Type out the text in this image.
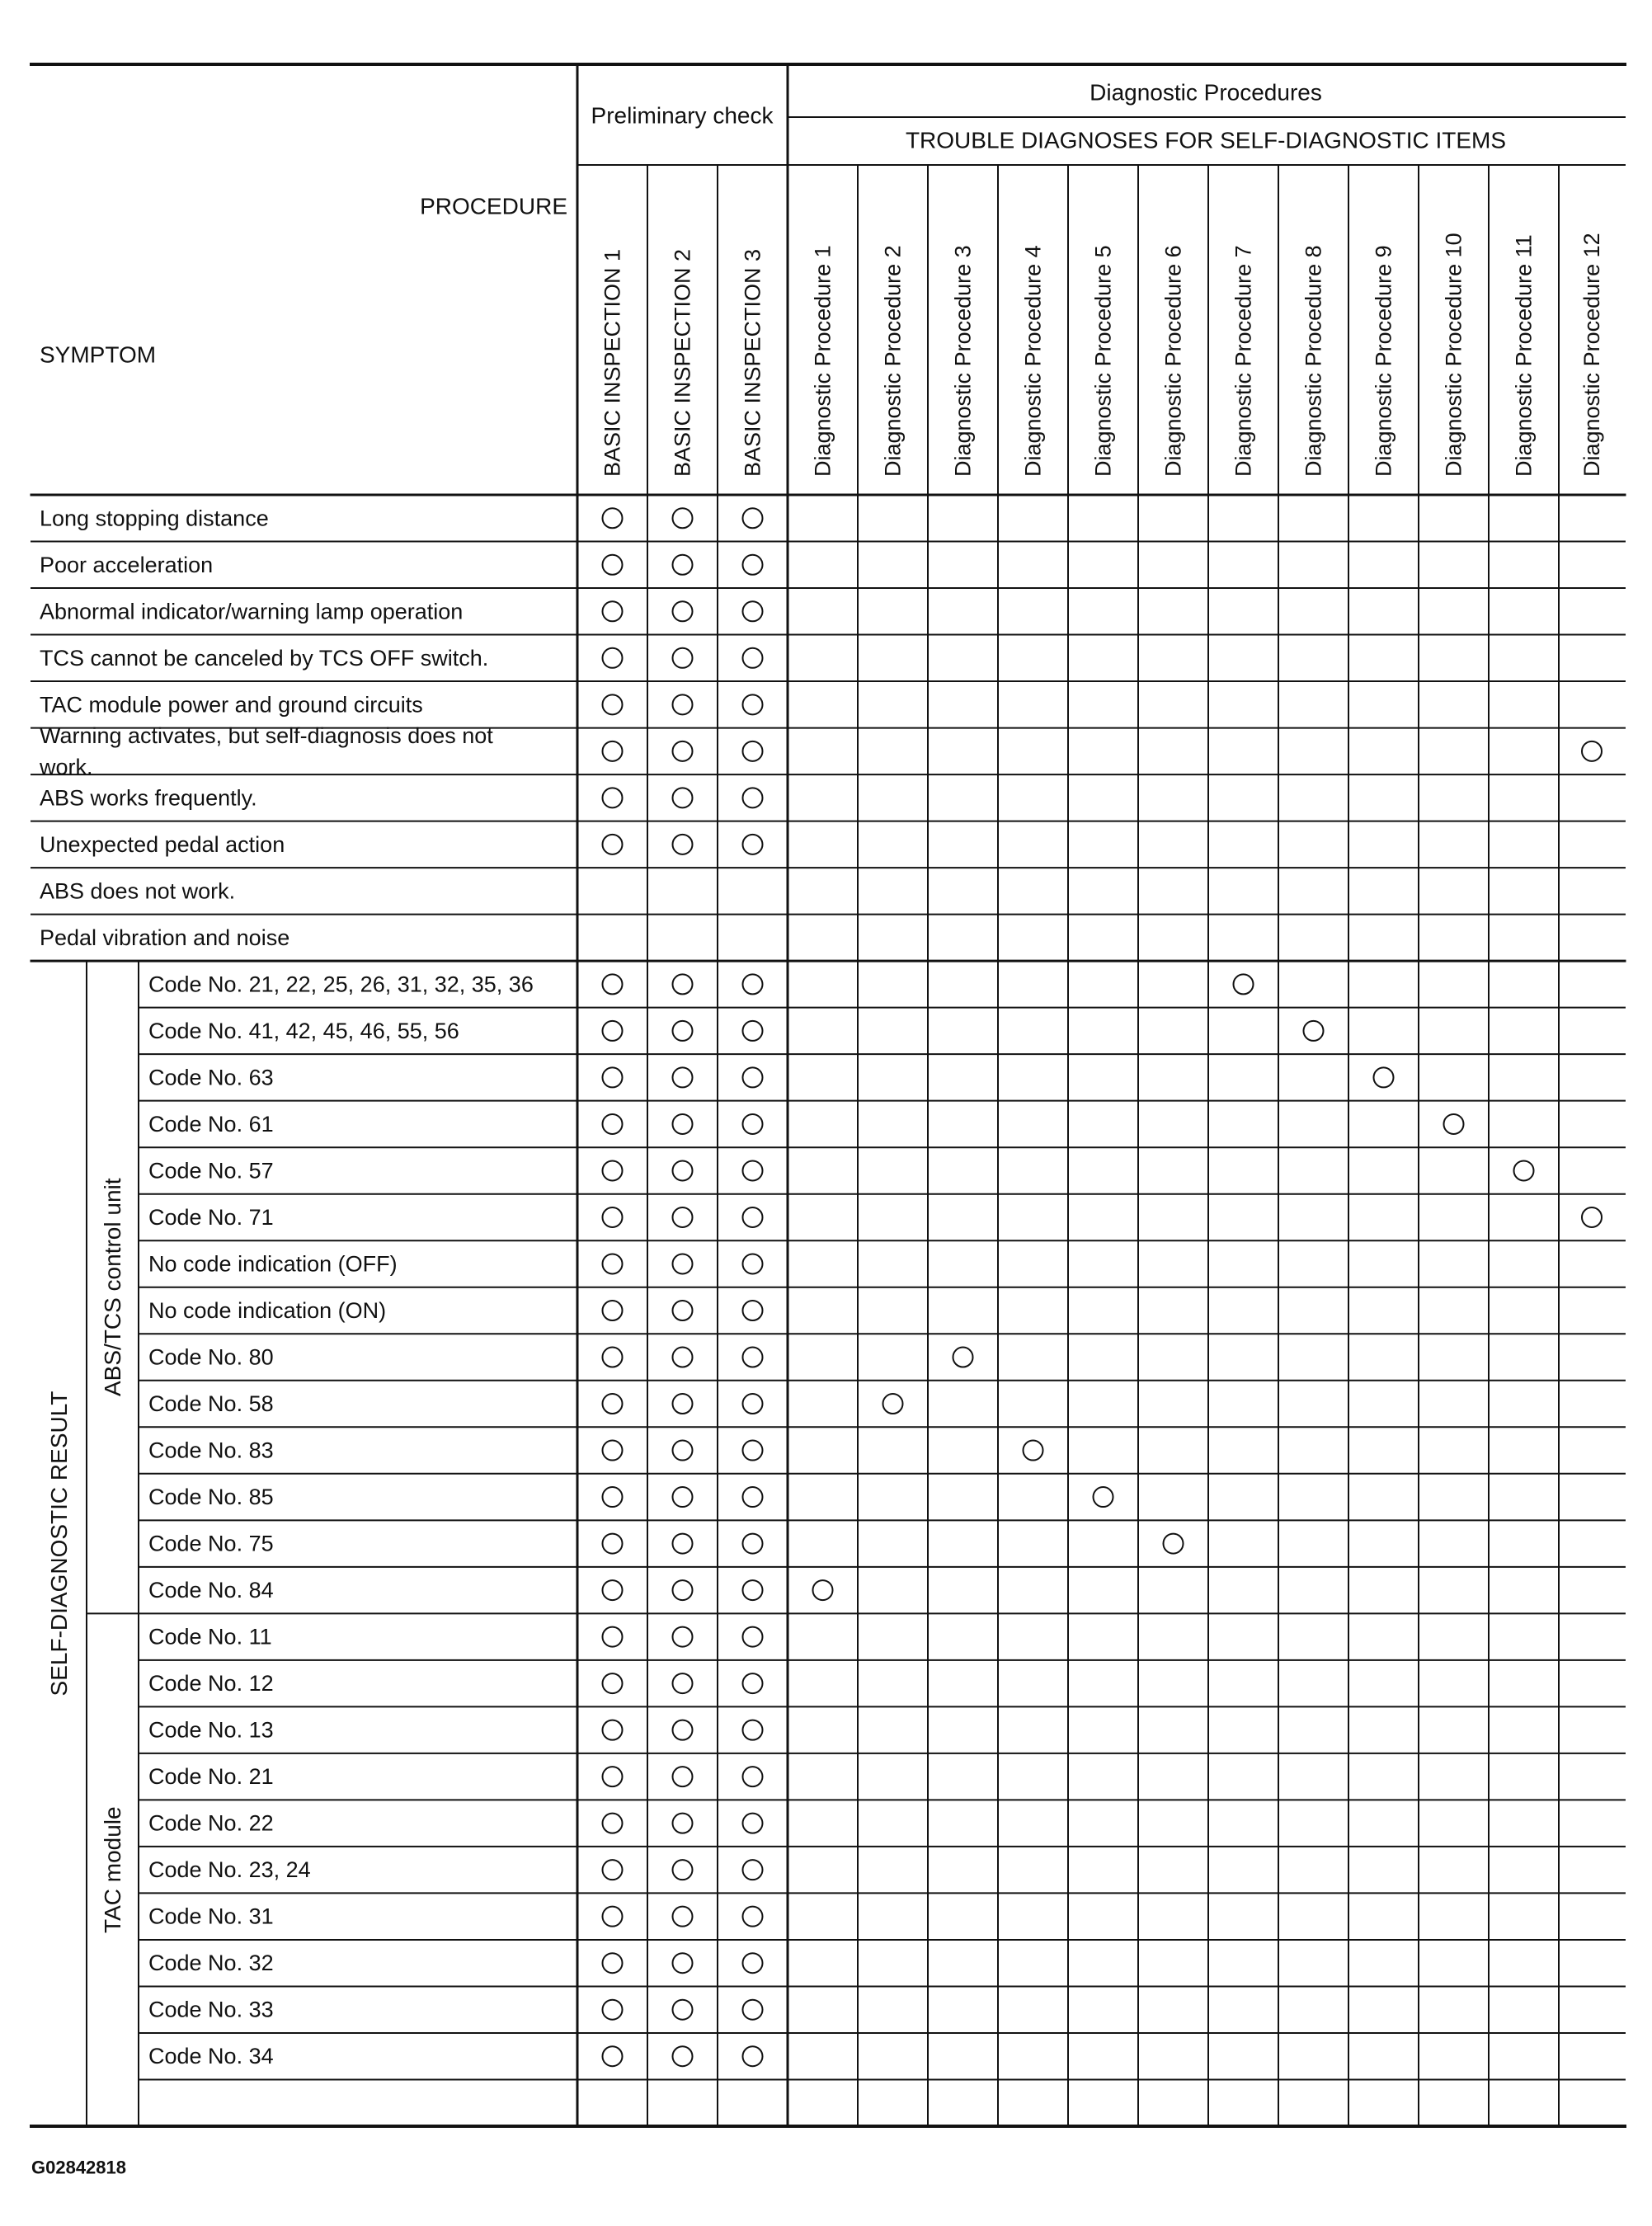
PROCEDURE
SYMPTOM
Preliminary check
Diagnostic Procedures
TROUBLE DIAGNOSES FOR SELF-DIAGNOSTIC ITEMS
BASIC INSPECTION 1 BASIC INSPECTION 2 BASIC INSPECTION 3 Diagnostic Procedure 1 Diagnostic Procedure 2 Diagnostic Procedure 3 Diagnostic Procedure 4 Diagnostic Procedure 5 Diagnostic Procedure 6 Diagnostic Procedure 7 Diagnostic Procedure 8 Diagnostic Procedure 9 Diagnostic Procedure 10 Diagnostic Procedure 11 Diagnostic Procedure 12
Long stopping distance
Poor acceleration
Abnormal indicator/warning lamp operation
TCS cannot be canceled by TCS OFF switch.
TAC module power and ground circuits
Warning activates, but self-diagnosis does not
work.
ABS works frequently.
Unexpected pedal action
ABS does not work.
Pedal vibration and noise
Code No. 21, 22, 25, 26, 31, 32, 35, 36
Code No. 41, 42, 45, 46, 55, 56
Code No. 63
Code No. 61
Code No. 57
Code No. 71
No code indication (OFF)
No code indication (ON)
Code No. 80
Code No. 58
Code No. 83
Code No. 85
Code No. 75
Code No. 84
Code No. 11
Code No. 12
Code No. 13
Code No. 21
Code No. 22
Code No. 23, 24
Code No. 31
Code No. 32
Code No. 33
Code No. 34
SELF-DIAGNOSTIC RESULT
ABS/TCS control unit
TAC module
G02842818
